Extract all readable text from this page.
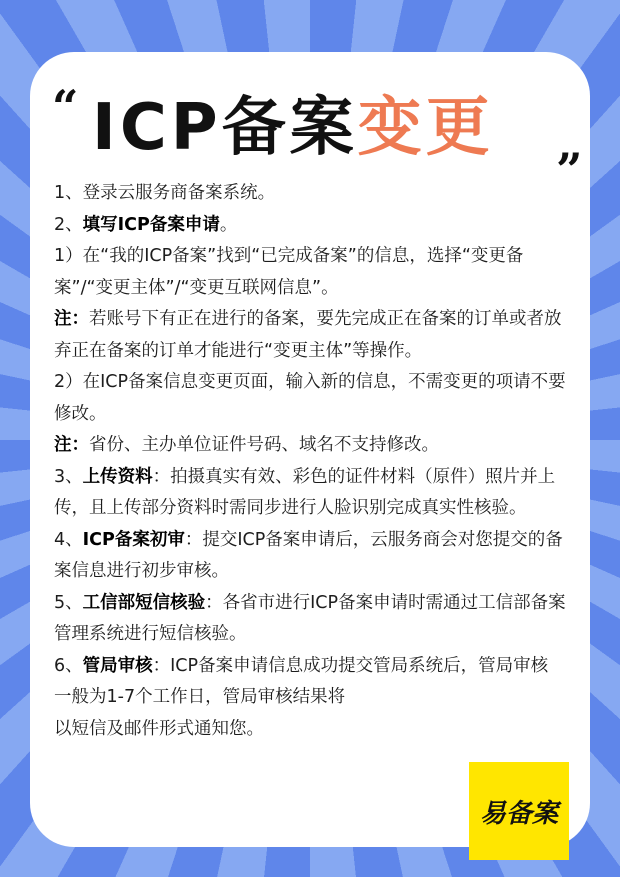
“ ICP备案变更
”

1、登录云服务商备案系统。

2、填写ICP备案申请。

1）在“我的ICP备案”找到“已完成备案”的信息，选择“变更备案”/“变更主体”/“变更互联网信息”。

注：若账号下有正在进行的备案，要先完成正在备案的订单或者放弃正在备案的订单才能进行“变更主体”等操作。

2）在ICP备案信息变更页面，输入新的信息，不需变更的项请不要修改。

注：省份、主办单位证件号码、域名不支持修改。

3、上传资料：拍摄真实有效、彩色的证件材料（原件）照片并上传，且上传部分资料时需同步进行人脸识别完成真实性核验。

4、ICP备案初审：提交ICP备案申请后，云服务商会对您提交的备案信息进行初步审核。

5、工信部短信核验：各省市进行ICP备案申请时需通过工信部备案管理系统进行短信核验。

6、管局审核：ICP备案申请信息成功提交管局系统后，管局审核一般为1-7个工作日，管局审核结果将

以短信及邮件形式通知您。

易备案
